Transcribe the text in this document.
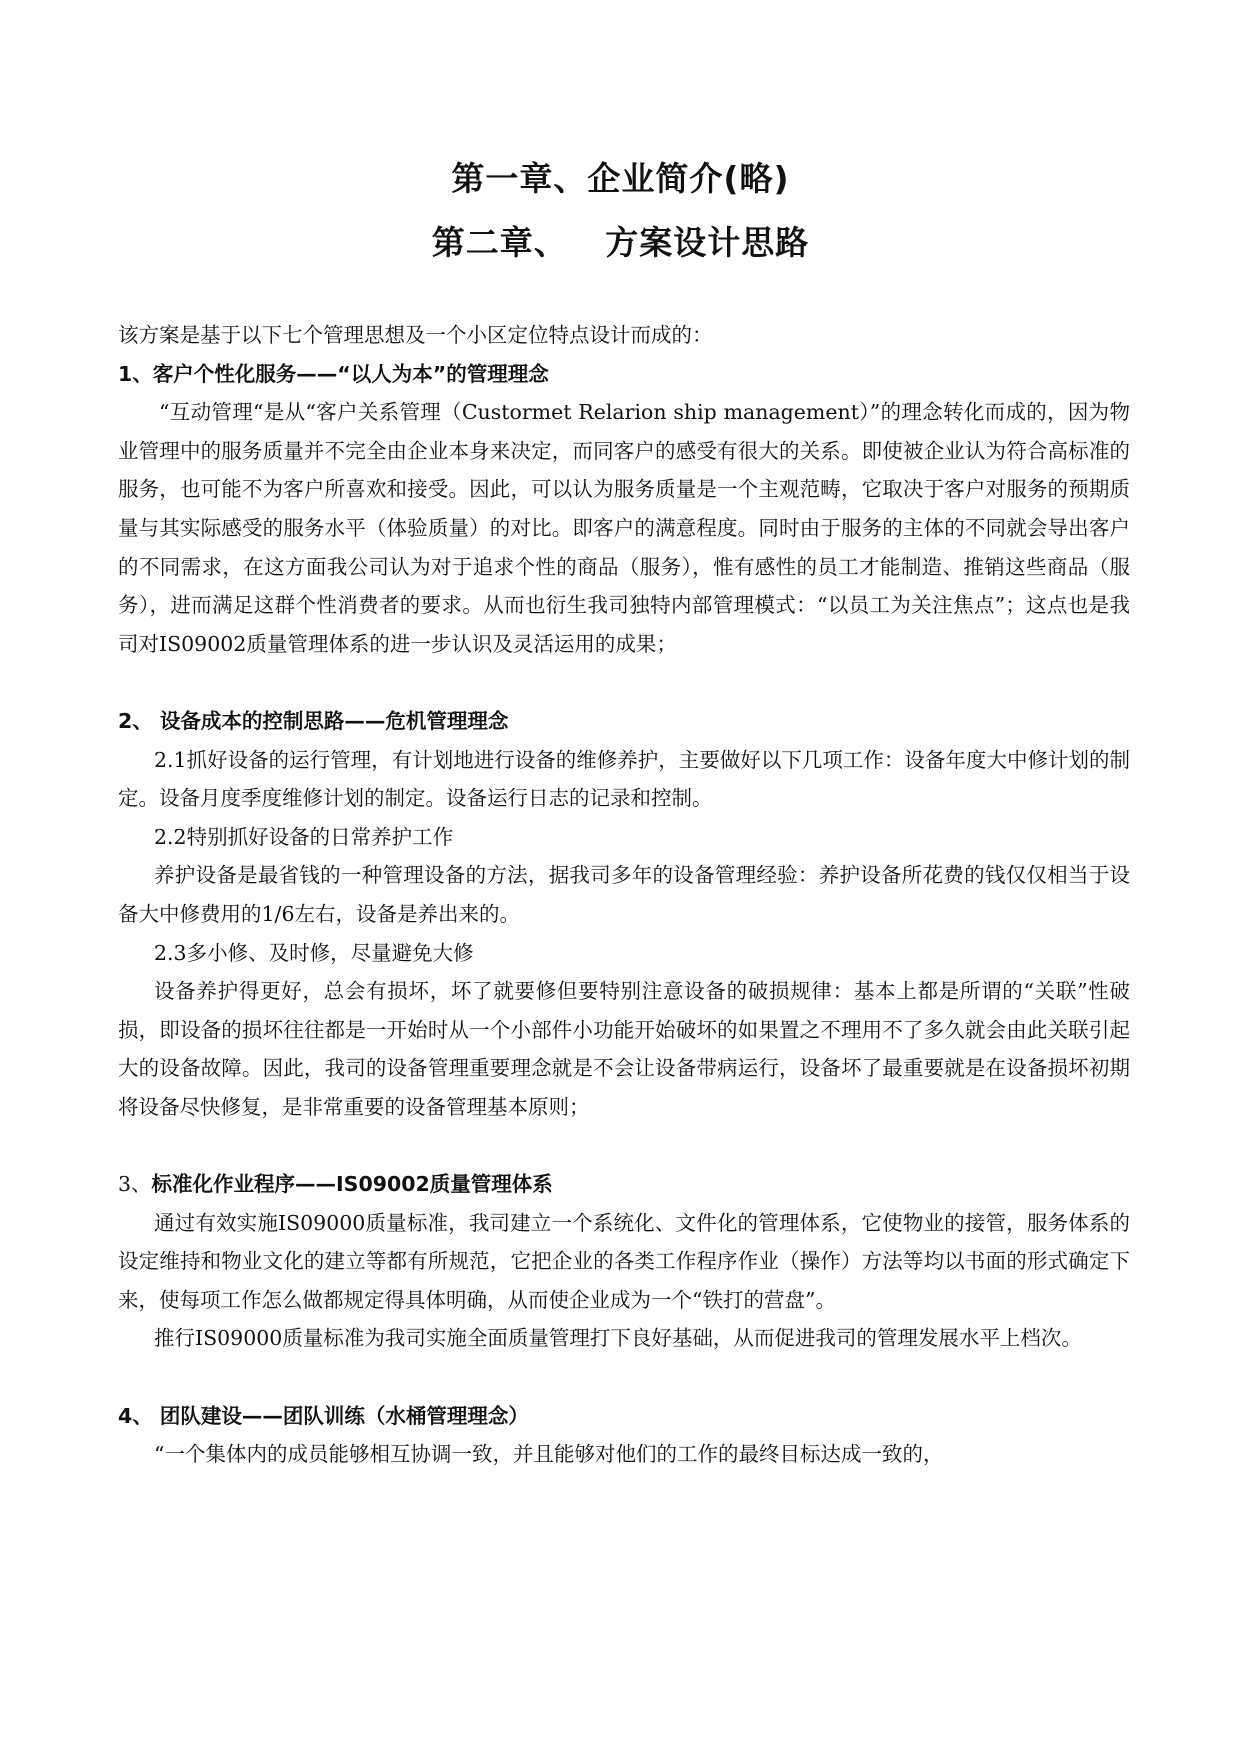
第一章、企业简介(略)
第二章、   方案设计思路

该方案是基于以下七个管理思想及一个小区定位特点设计而成的：

1、客户个性化服务——“以人为本”的管理理念

“互动管理“是从“客户关系管理（Custormet Relarion ship management）”的理念转化而成的，因为物业管理中的服务质量并不完全由企业本身来决定，而同客户的感受有很大的关系。即使被企业认为符合高标准的服务，也可能不为客户所喜欢和接受。因此，可以认为服务质量是一个主观范畴，它取决于客户对服务的预期质量与其实际感受的服务水平（体验质量）的对比。即客户的满意程度。同时由于服务的主体的不同就会导出客户的不同需求，在这方面我公司认为对于追求个性的商品（服务），惟有感性的员工才能制造、推销这些商品（服务），进而满足这群个性消费者的要求。从而也衍生我司独特内部管理模式：“以员工为关注焦点”；这点也是我司对IS09002质量管理体系的进一步认识及灵活运用的成果；

2、 设备成本的控制思路——危机管理理念

2.1抓好设备的运行管理，有计划地进行设备的维修养护，主要做好以下几项工作：设备年度大中修计划的制定。设备月度季度维修计划的制定。设备运行日志的记录和控制。

2.2特别抓好设备的日常养护工作

养护设备是最省钱的一种管理设备的方法，据我司多年的设备管理经验：养护设备所花费的钱仅仅相当于设备大中修费用的1/6左右，设备是养出来的。

2.3多小修、及时修，尽量避免大修

设备养护得更好，总会有损坏，坏了就要修但要特别注意设备的破损规律：基本上都是所谓的“关联”性破损，即设备的损坏往往都是一开始时从一个小部件小功能开始破坏的如果置之不理用不了多久就会由此关联引起大的设备故障。因此，我司的设备管理重要理念就是不会让设备带病运行，设备坏了最重要就是在设备损坏初期将设备尽快修复，是非常重要的设备管理基本原则；

3、标准化作业程序——IS09002质量管理体系

通过有效实施IS09000质量标准，我司建立一个系统化、文件化的管理体系，它使物业的接管，服务体系的设定维持和物业文化的建立等都有所规范，它把企业的各类工作程序作业（操作）方法等均以书面的形式确定下来，使每项工作怎么做都规定得具体明确，从而使企业成为一个“铁打的营盘”。

推行IS09000质量标准为我司实施全面质量管理打下良好基础，从而促进我司的管理发展水平上档次。

4、 团队建设——团队训练（水桶管理理念）

“一个集体内的成员能够相互协调一致，并且能够对他们的工作的最终目标达成一致的，
